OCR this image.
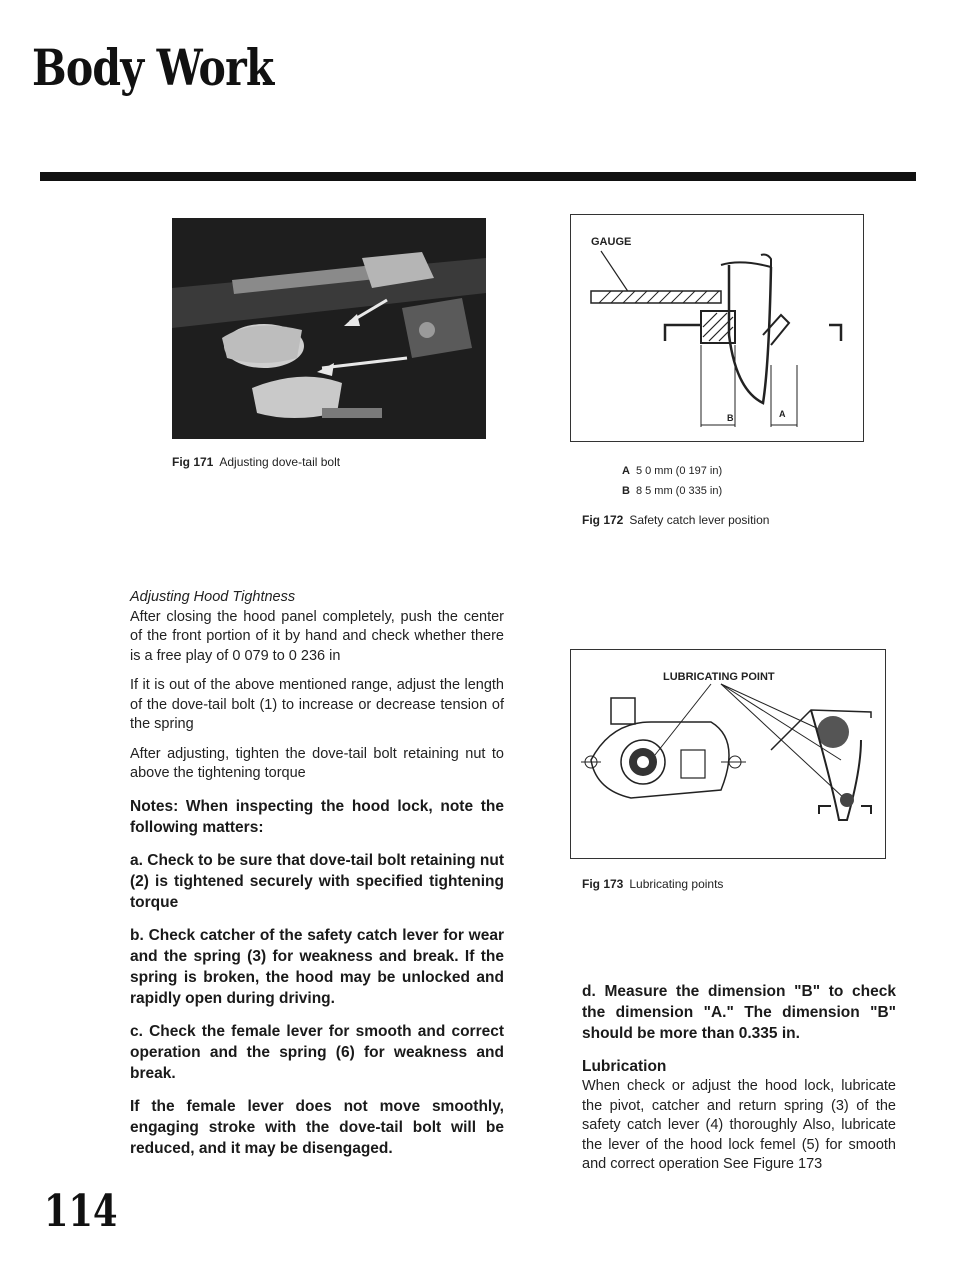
Body Work
Fig 171 Adjusting dove-tail bolt
GAUGE
B	A
A 5 0 mm (0 197 in)
B 8 5 mm (0 335 in)
Fig 172 Safety catch lever position
LUBRICATING POINT
Fig 173 Lubricating points
Adjusting Hood Tightness

After closing the hood panel completely, push the center of the front portion of it by hand and check whether there is a free play of 0 079 to 0 236 in

If it is out of the above mentioned range, adjust the length of the dove-tail bolt (1) to increase or decrease tension of the spring

After adjusting, tighten the dove-tail bolt retaining nut to above the tightening torque

Notes: When inspecting the hood lock, note the following matters:

a. Check to be sure that dove-tail bolt retaining nut (2) is tightened securely with specified tightening torque

b. Check catcher of the safety catch lever for wear and the spring (3) for weakness and break. If the spring is broken, the hood may be unlocked and rapidly open during driving.

c. Check the female lever for smooth and correct operation and the spring (6) for weakness and break.

If the female lever does not move smoothly, engaging stroke with the dove-tail bolt will be reduced, and it may be disengaged.

d. Measure the dimension "B" to check the dimension "A." The dimension "B" should be more than 0.335 in.

Lubrication
When check or adjust the hood lock, lubricate the pivot, catcher and return spring (3) of the safety catch lever (4) thoroughly Also, lubricate the lever of the hood lock femel (5) for smooth and correct operation See Figure 173
114
